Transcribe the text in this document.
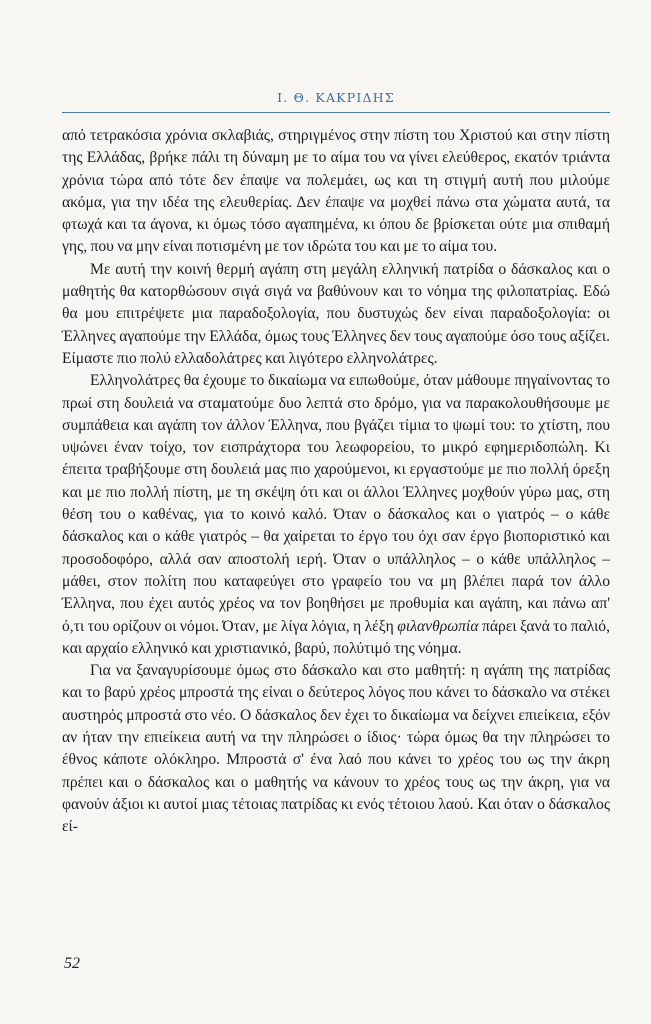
Ι. Θ. ΚΑΚΡΙΔΗΣ

από τετρακόσια χρόνια σκλαβιάς, στηριγμένος στην πίστη του Χριστού και στην πίστη της Ελλάδας, βρήκε πάλι τη δύναμη με το αίμα του να γίνει ελεύθερος, εκατόν τριάντα χρόνια τώρα από τότε δεν έπαψε να πολεμάει, ως και τη στιγμή αυτή που μιλούμε ακόμα, για την ιδέα της ελευθερίας. Δεν έπαψε να μοχθεί πάνω στα χώματα αυτά, τα φτωχά και τα άγονα, κι όμως τόσο αγαπημένα, κι όπου δε βρίσκεται ούτε μια σπιθαμή γης, που να μην είναι ποτισμένη με τον ιδρώτα του και με το αίμα του.

Με αυτή την κοινή θερμή αγάπη στη μεγάλη ελληνική πατρίδα ο δάσκαλος και ο μαθητής θα κατορθώσουν σιγά σιγά να βαθύνουν και το νόημα της φιλοπατρίας. Εδώ θα μου επιτρέψετε μια παραδοξολογία, που δυστυχώς δεν είναι παραδοξολογία: οι Έλληνες αγαπούμε την Ελλάδα, όμως τους Έλληνες δεν τους αγαπούμε όσο τους αξίζει. Είμαστε πιο πολύ ελλαδολάτρες και λιγότερο ελληνολάτρες.

Ελληνολάτρες θα έχουμε το δικαίωμα να ειπωθούμε, όταν μάθουμε πηγαίνοντας το πρωί στη δουλειά να σταματούμε δυο λεπτά στο δρόμο, για να παρακολουθήσουμε με συμπάθεια και αγάπη τον άλλον Έλληνα, που βγάζει τίμια το ψωμί του: το χτίστη, που υψώνει έναν τοίχο, τον εισπράχτορα του λεωφορείου, το μικρό εφημεριδοπώλη. Κι έπειτα τραβήξουμε στη δουλειά μας πιο χαρούμενοι, κι εργαστούμε με πιο πολλή όρεξη και με πιο πολλή πίστη, με τη σκέψη ότι και οι άλλοι Έλληνες μοχθούν γύρω μας, στη θέση του ο καθένας, για το κοινό καλό. Όταν ο δάσκαλος και ο γιατρός – ο κάθε δάσκαλος και ο κάθε γιατρός – θα χαίρεται το έργο του όχι σαν έργο βιοποριστικό και προσοδοφόρο, αλλά σαν αποστολή ιερή. Όταν ο υπάλληλος – ο κάθε υπάλληλος – μάθει, στον πολίτη που καταφεύγει στο γραφείο του να μη βλέπει παρά τον άλλο Έλληνα, που έχει αυτός χρέος να τον βοηθήσει με προθυμία και αγάπη, και πάνω απ' ό,τι του ορίζουν οι νόμοι. Όταν, με λίγα λόγια, η λέξη φιλανθρωπία πάρει ξανά το παλιό, και αρχαίο ελληνικό και χριστιανικό, βαρύ, πολύτιμό της νόημα.

Για να ξαναγυρίσουμε όμως στο δάσκαλο και στο μαθητή: η αγάπη της πατρίδας και το βαρύ χρέος μπροστά της είναι ο δεύτερος λόγος που κάνει το δάσκαλο να στέκει αυστηρός μπροστά στο νέο. Ο δάσκαλος δεν έχει το δικαίωμα να δείχνει επιείκεια, εξόν αν ήταν την επιείκεια αυτή να την πληρώσει ο ίδιος· τώρα όμως θα την πληρώσει το έθνος κάποτε ολόκληρο. Μπροστά σ' ένα λαό που κάνει το χρέος του ως την άκρη πρέπει και ο δάσκαλος και ο μαθητής να κάνουν το χρέος τους ως την άκρη, για να φανούν άξιοι κι αυτοί μιας τέτοιας πατρίδας κι ενός τέτοιου λαού. Και όταν ο δάσκαλος εί-

52
